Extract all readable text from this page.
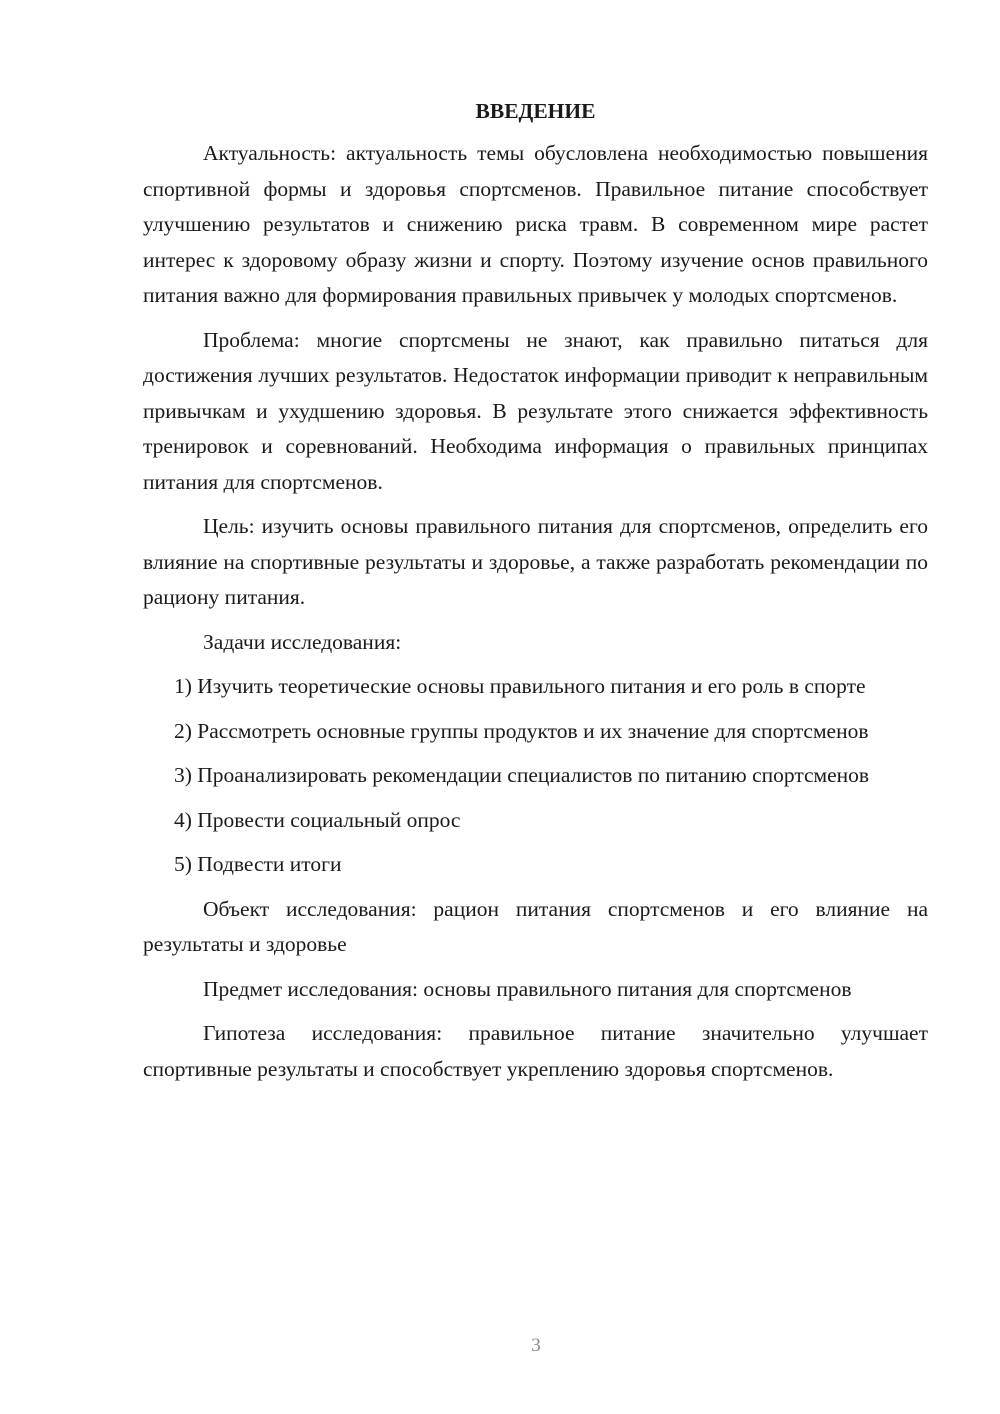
ВВЕДЕНИЕ

Актуальность: актуальность темы обусловлена необходимостью повышения спортивной формы и здоровья спортсменов. Правильное питание способствует улучшению результатов и снижению риска травм. В современном мире растет интерес к здоровому образу жизни и спорту. Поэтому изучение основ правильного питания важно для формирования правильных привычек у молодых спортсменов.

Проблема: многие спортсмены не знают, как правильно питаться для достижения лучших результатов. Недостаток информации приводит к неправильным привычкам и ухудшению здоровья. В результате этого снижается эффективность тренировок и соревнований. Необходима информация о правильных принципах питания для спортсменов.

Цель: изучить основы правильного питания для спортсменов, определить его влияние на спортивные результаты и здоровье, а также разработать рекомендации по рациону питания.

Задачи исследования:

1) Изучить теоретические основы правильного питания и его роль в спорте

2) Рассмотреть основные группы продуктов и их значение для спортсменов

3) Проанализировать рекомендации специалистов по питанию спортсменов

4) Провести социальный опрос

5) Подвести итоги

Объект исследования: рацион питания спортсменов и его влияние на результаты и здоровье

Предмет исследования: основы правильного питания для спортсменов

Гипотеза исследования: правильное питание значительно улучшает спортивные результаты и способствует укреплению здоровья спортсменов.

3
